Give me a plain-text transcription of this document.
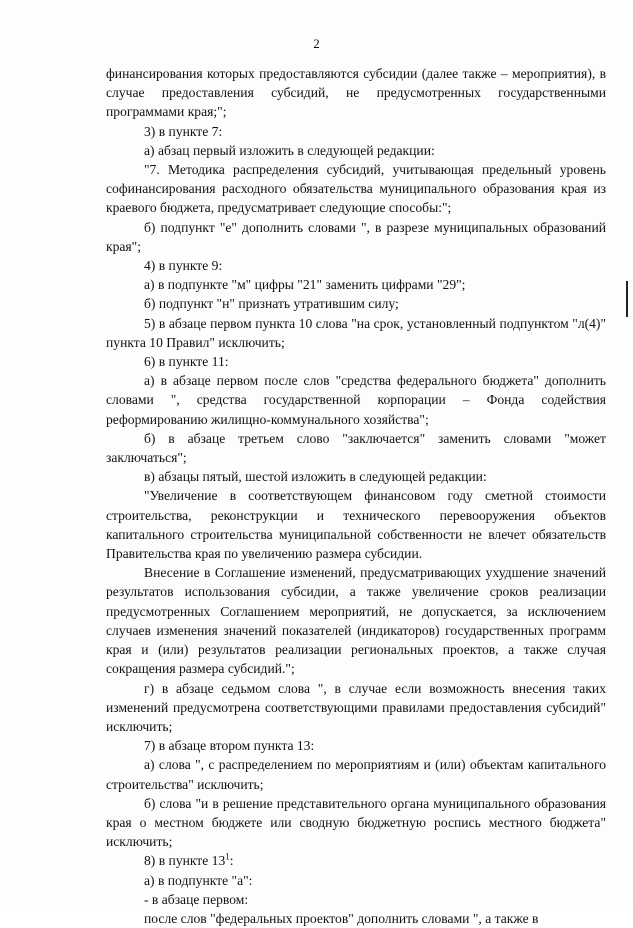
2

финансирования которых предоставляются субсидии (далее также – мероприятия), в случае предоставления субсидий, не предусмотренных государственными программами края;";

3) в пункте 7:

а) абзац первый изложить в следующей редакции:

"7. Методика распределения субсидий, учитывающая предельный уровень софинансирования расходного обязательства муниципального образования края из краевого бюджета, предусматривает следующие способы:";

б) подпункт "е" дополнить словами ", в разрезе муниципальных образований края";

4) в пункте 9:

а) в подпункте "м" цифры "21" заменить цифрами "29";

б) подпункт "н" признать утратившим силу;

5) в абзаце первом пункта 10 слова "на срок, установленный подпунктом "л(4)" пункта 10 Правил" исключить;

6) в пункте 11:

а) в абзаце первом после слов "средства федерального бюджета" дополнить словами ", средства государственной корпорации – Фонда содействия реформированию жилищно-коммунального хозяйства";

б) в абзаце третьем слово "заключается" заменить словами "может заключаться";

в) абзацы пятый, шестой изложить в следующей редакции:

"Увеличение в соответствующем финансовом году сметной стоимости строительства, реконструкции и технического перевооружения объектов капитального строительства муниципальной собственности не влечет обязательств Правительства края по увеличению размера субсидии.

Внесение в Соглашение изменений, предусматривающих ухудшение значений результатов использования субсидии, а также увеличение сроков реализации предусмотренных Соглашением мероприятий, не допускается, за исключением случаев изменения значений показателей (индикаторов) государственных программ края и (или) результатов реализации региональных проектов, а также случая сокращения размера субсидий.";

г) в абзаце седьмом слова ", в случае если возможность внесения таких изменений предусмотрена соответствующими правилами предоставления субсидий" исключить;

7) в абзаце втором пункта 13:

а) слова ", с распределением по мероприятиям и (или) объектам капитального строительства" исключить;

б) слова "и в решение представительного органа муниципального образования края о местном бюджете или сводную бюджетную роспись местного бюджета" исключить;

8) в пункте $13^1$:

а) в подпункте "а":

- в абзаце первом:

после слов "федеральных проектов" дополнить словами ", а также в
